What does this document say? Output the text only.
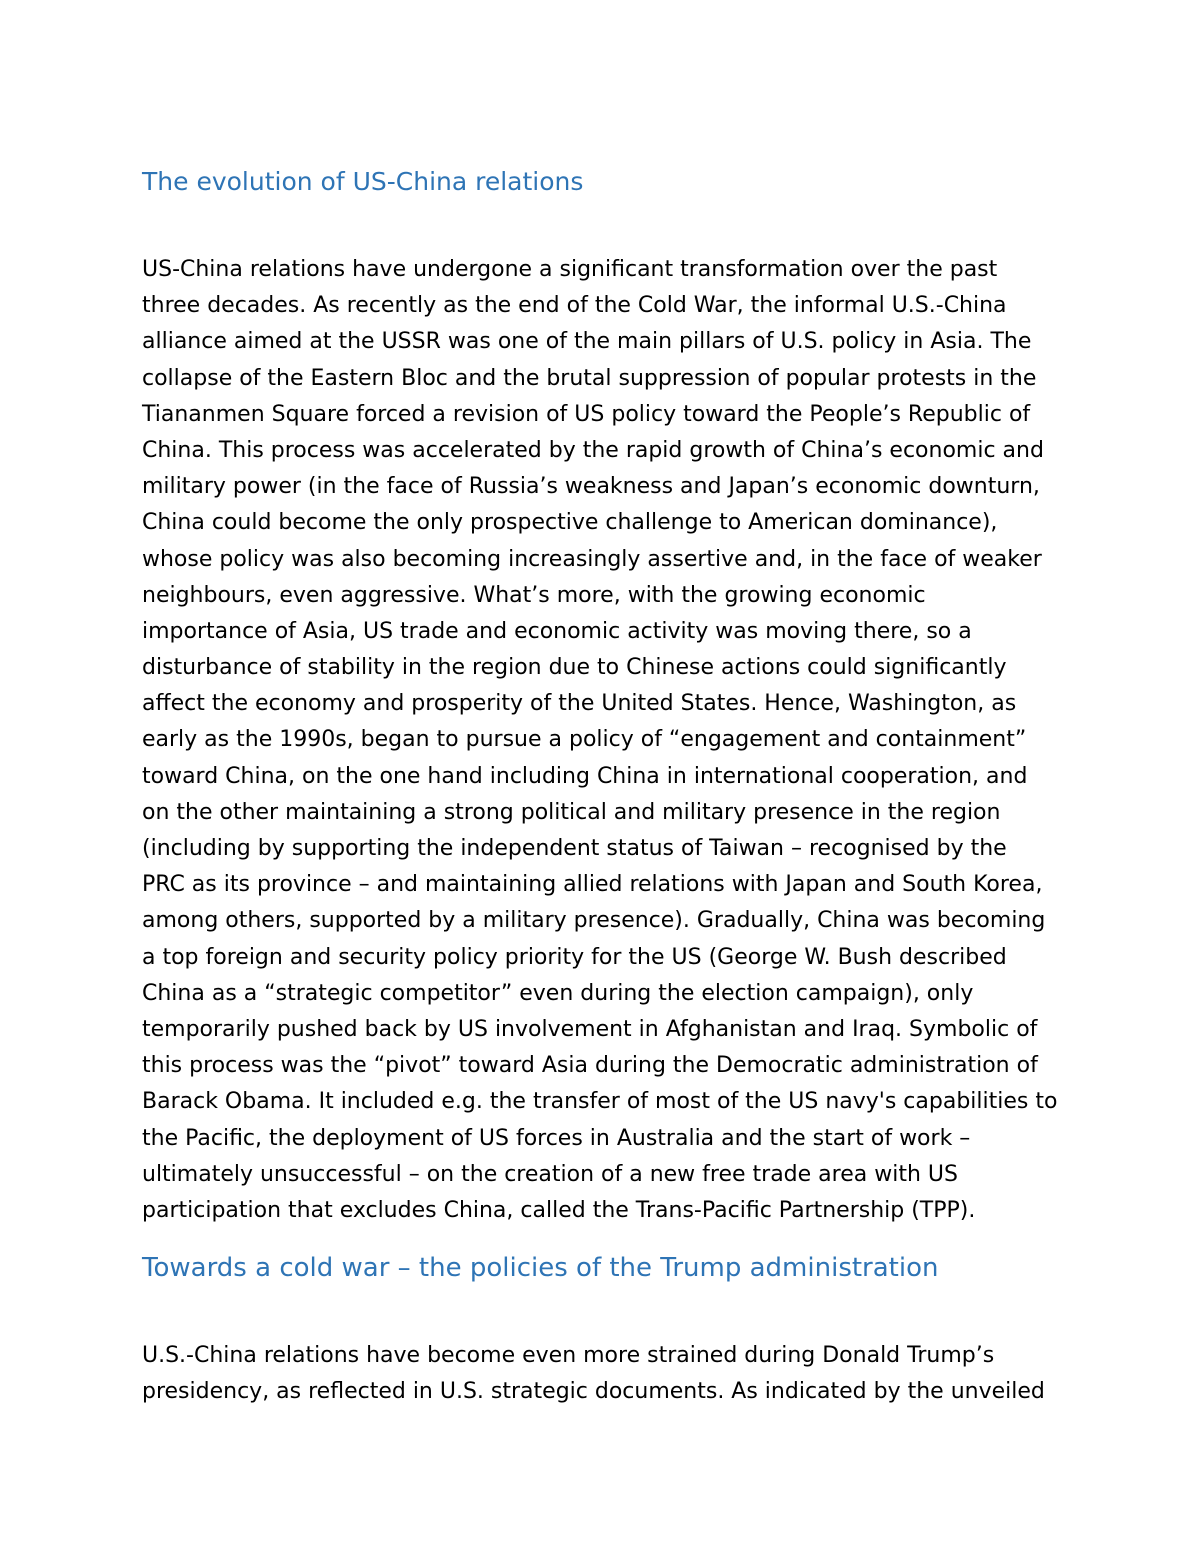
The evolution of US-China relations
US-China relations have undergone a significant transformation over the past
three decades. As recently as the end of the Cold War, the informal U.S.-China
alliance aimed at the USSR was one of the main pillars of U.S. policy in Asia. The
collapse of the Eastern Bloc and the brutal suppression of popular protests in the
Tiananmen Square forced a revision of US policy toward the People’s Republic of
China. This process was accelerated by the rapid growth of China’s economic and
military power (in the face of Russia’s weakness and Japan’s economic downturn,
China could become the only prospective challenge to American dominance),
whose policy was also becoming increasingly assertive and, in the face of weaker
neighbours, even aggressive. What’s more, with the growing economic
importance of Asia, US trade and economic activity was moving there, so a
disturbance of stability in the region due to Chinese actions could significantly
affect the economy and prosperity of the United States. Hence, Washington, as
early as the 1990s, began to pursue a policy of “engagement and containment”
toward China, on the one hand including China in international cooperation, and
on the other maintaining a strong political and military presence in the region
(including by supporting the independent status of Taiwan – recognised by the
PRC as its province – and maintaining allied relations with Japan and South Korea,
among others, supported by a military presence). Gradually, China was becoming
a top foreign and security policy priority for the US (George W. Bush described
China as a “strategic competitor” even during the election campaign), only
temporarily pushed back by US involvement in Afghanistan and Iraq. Symbolic of
this process was the “pivot” toward Asia during the Democratic administration of
Barack Obama. It included e.g. the transfer of most of the US navy's capabilities to
the Pacific, the deployment of US forces in Australia and the start of work –
ultimately unsuccessful – on the creation of a new free trade area with US
participation that excludes China, called the Trans-Pacific Partnership (TPP).
Towards a cold war – the policies of the Trump administration
U.S.-China relations have become even more strained during Donald Trump’s
presidency, as reflected in U.S. strategic documents. As indicated by the unveiled
